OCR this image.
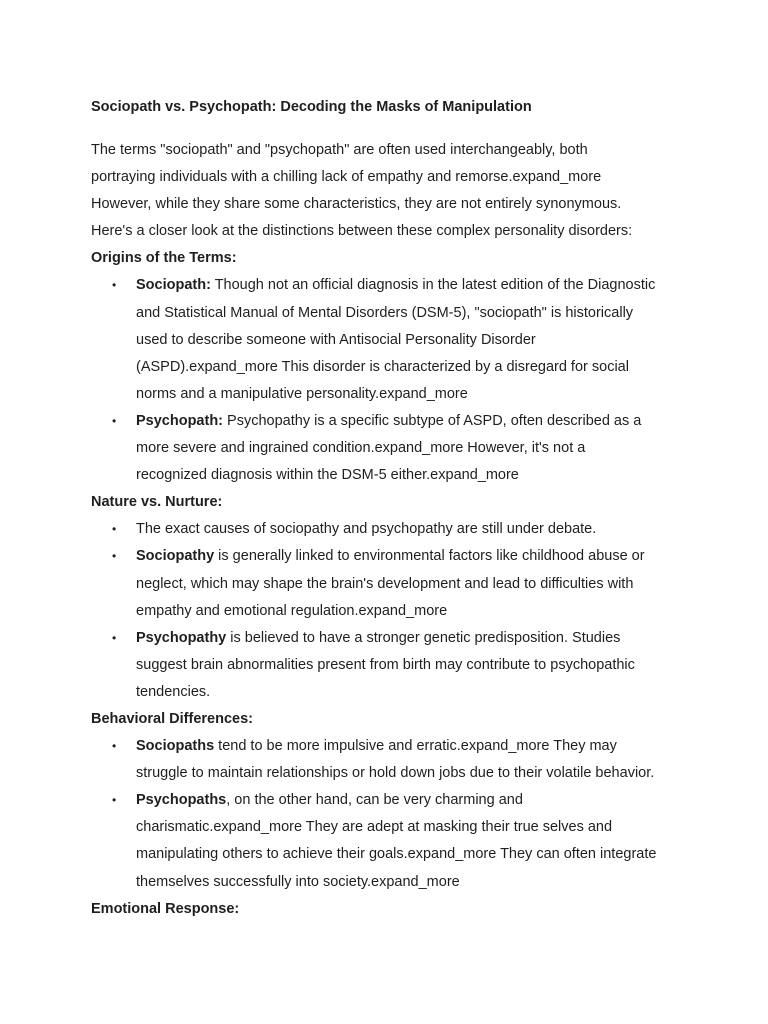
Sociopath vs. Psychopath: Decoding the Masks of Manipulation

The terms "sociopath" and "psychopath" are often used interchangeably, both
portraying individuals with a chilling lack of empathy and remorse.expand_more
However, while they share some characteristics, they are not entirely synonymous.
Here's a closer look at the distinctions between these complex personality disorders:

Origins of the Terms:

• Sociopath: Though not an official diagnosis in the latest edition of the Diagnostic
and Statistical Manual of Mental Disorders (DSM-5), "sociopath" is historically
used to describe someone with Antisocial Personality Disorder
(ASPD).expand_more This disorder is characterized by a disregard for social
norms and a manipulative personality.expand_more
• Psychopath: Psychopathy is a specific subtype of ASPD, often described as a
more severe and ingrained condition.expand_more However, it's not a
recognized diagnosis within the DSM-5 either.expand_more

Nature vs. Nurture:

• The exact causes of sociopathy and psychopathy are still under debate.
• Sociopathy is generally linked to environmental factors like childhood abuse or
neglect, which may shape the brain's development and lead to difficulties with
empathy and emotional regulation.expand_more
• Psychopathy is believed to have a stronger genetic predisposition. Studies
suggest brain abnormalities present from birth may contribute to psychopathic
tendencies.

Behavioral Differences:

• Sociopaths tend to be more impulsive and erratic.expand_more They may
struggle to maintain relationships or hold down jobs due to their volatile behavior.
• Psychopaths, on the other hand, can be very charming and
charismatic.expand_more They are adept at masking their true selves and
manipulating others to achieve their goals.expand_more They can often integrate
themselves successfully into society.expand_more

Emotional Response:
